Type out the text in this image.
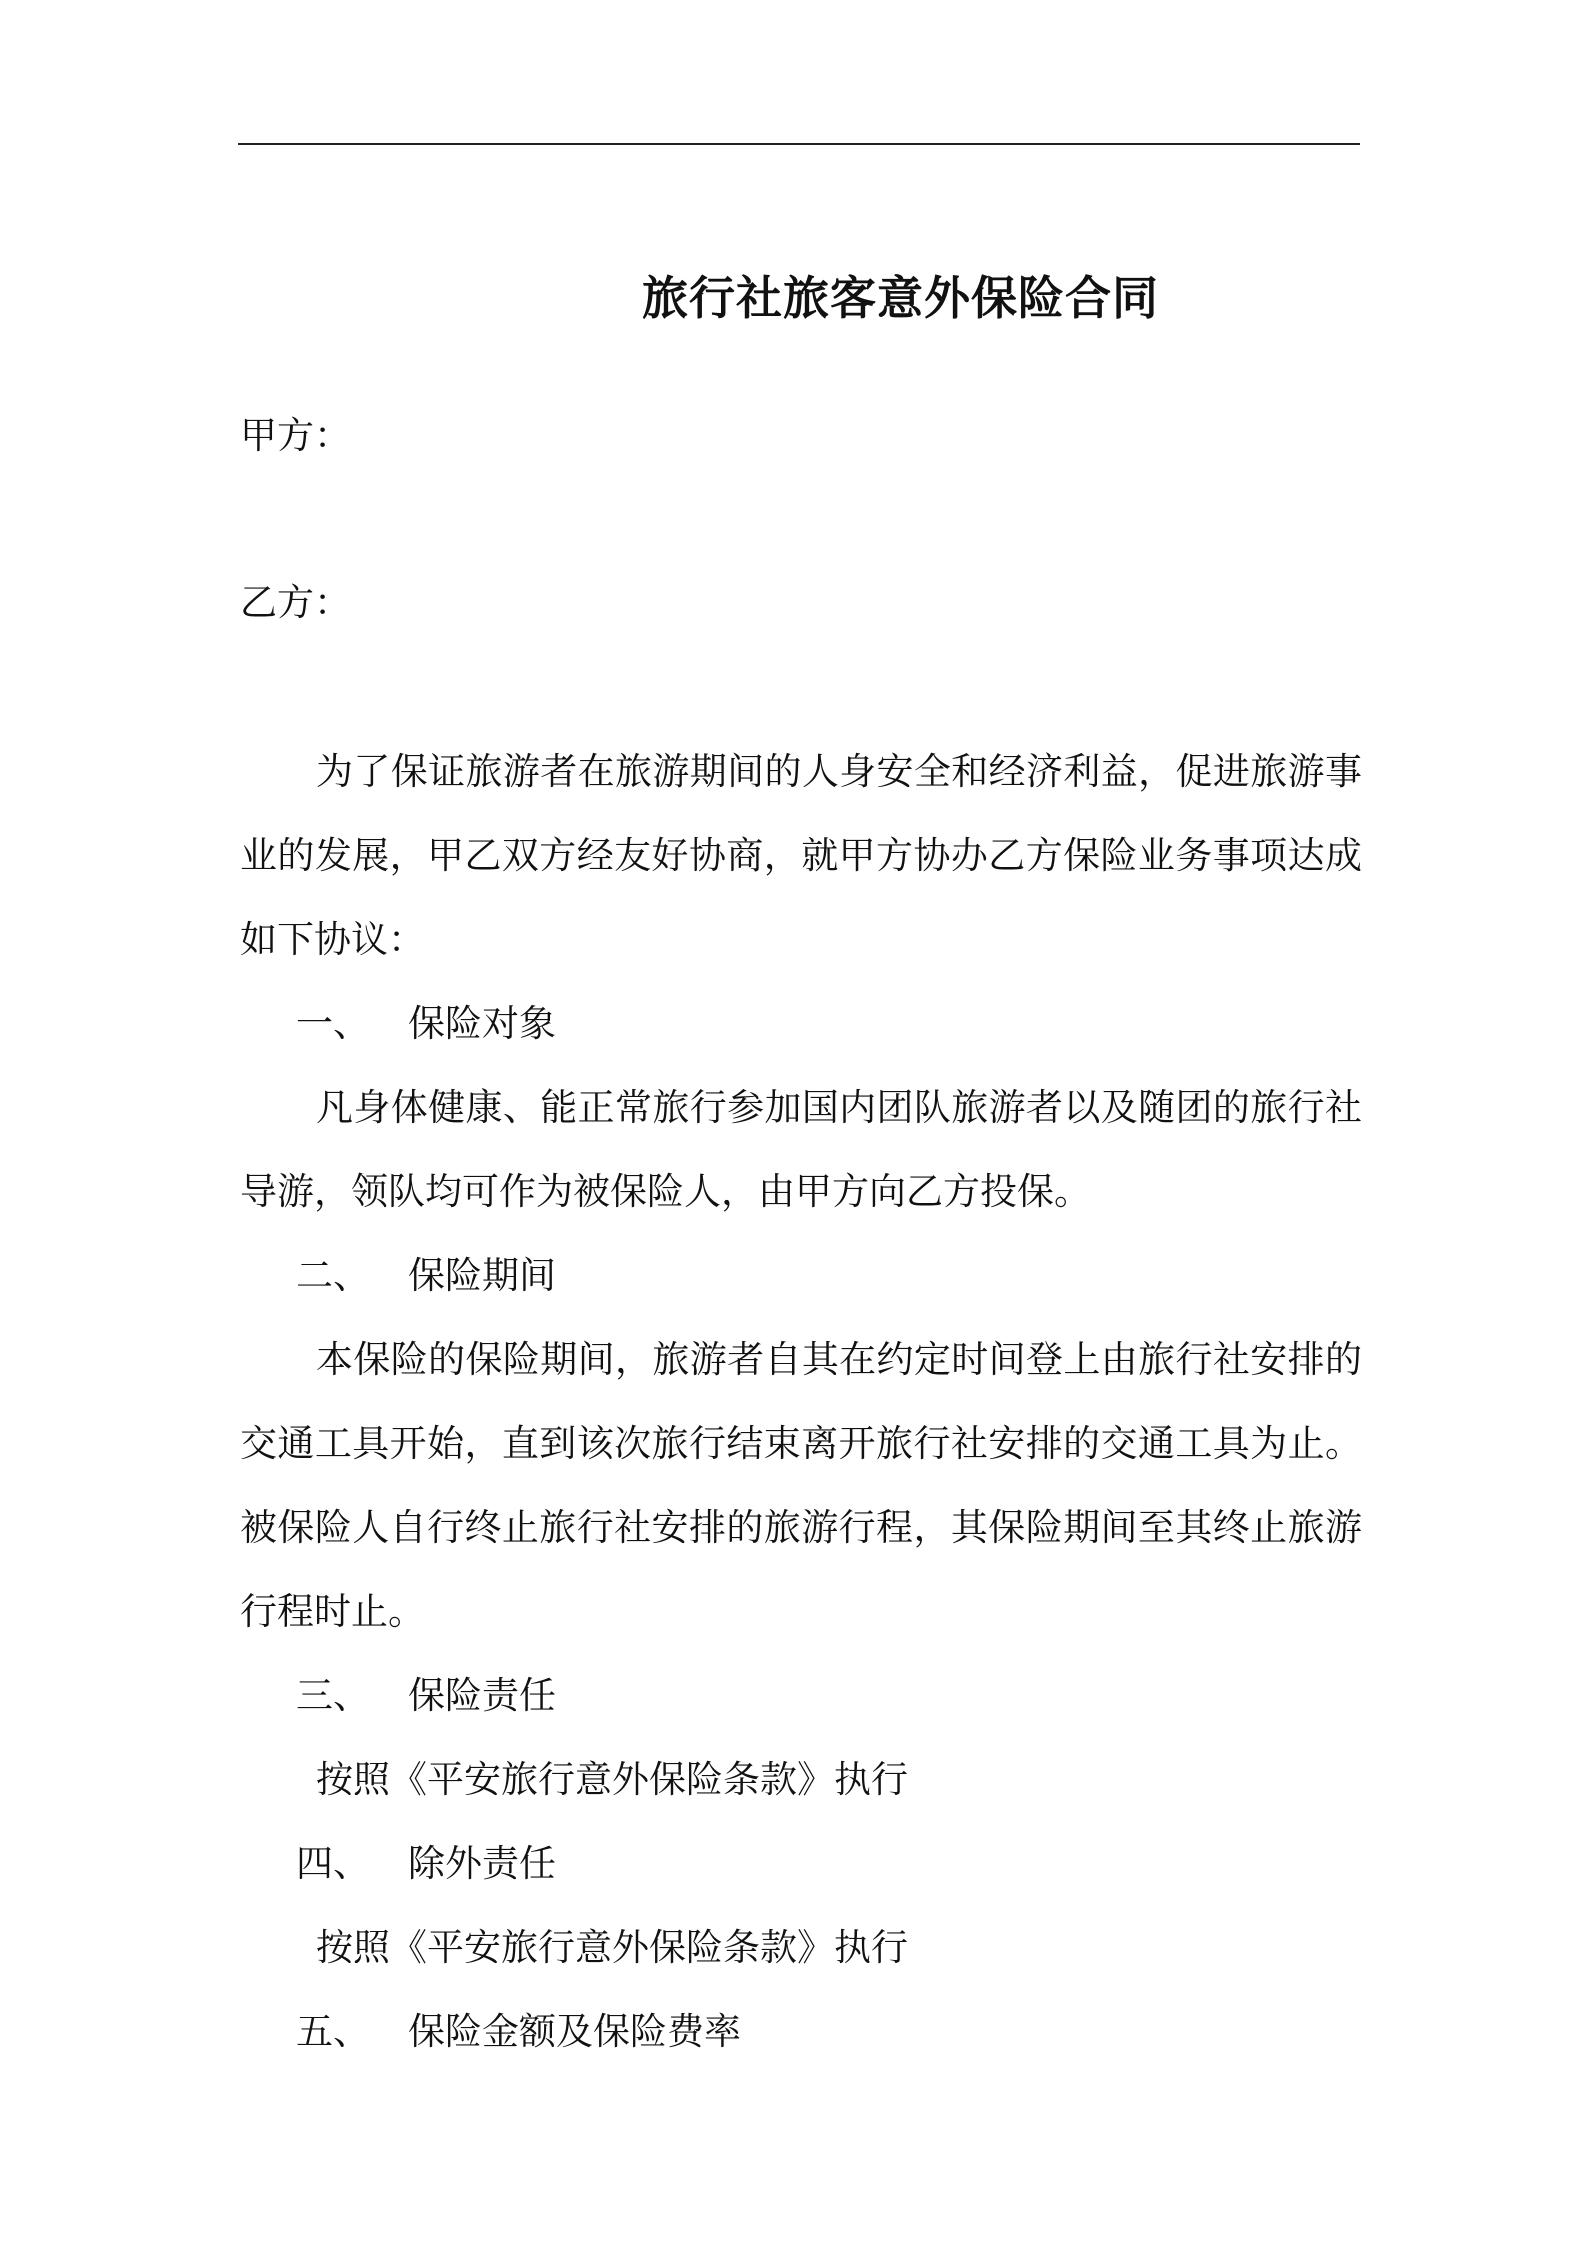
旅行社旅客意外保险合同
甲方：
乙方：

为了保证旅游者在旅游期间的人身安全和经济利益，促进旅游事业的发展，甲乙双方经友好协商，就甲方协办乙方保险业务事项达成如下协议：

一、 保险对象

凡身体健康、能正常旅行参加国内团队旅游者以及随团的旅行社导游，领队均可作为被保险人，由甲方向乙方投保。

二、 保险期间

本保险的保险期间，旅游者自其在约定时间登上由旅行社安排的交通工具开始，直到该次旅行结束离开旅行社安排的交通工具为止。被保险人自行终止旅行社安排的旅游行程，其保险期间至其终止旅游行程时止。

三、 保险责任

按照《平安旅行意外保险条款》执行

四、 除外责任

按照《平安旅行意外保险条款》执行

五、 保险金额及保险费率
